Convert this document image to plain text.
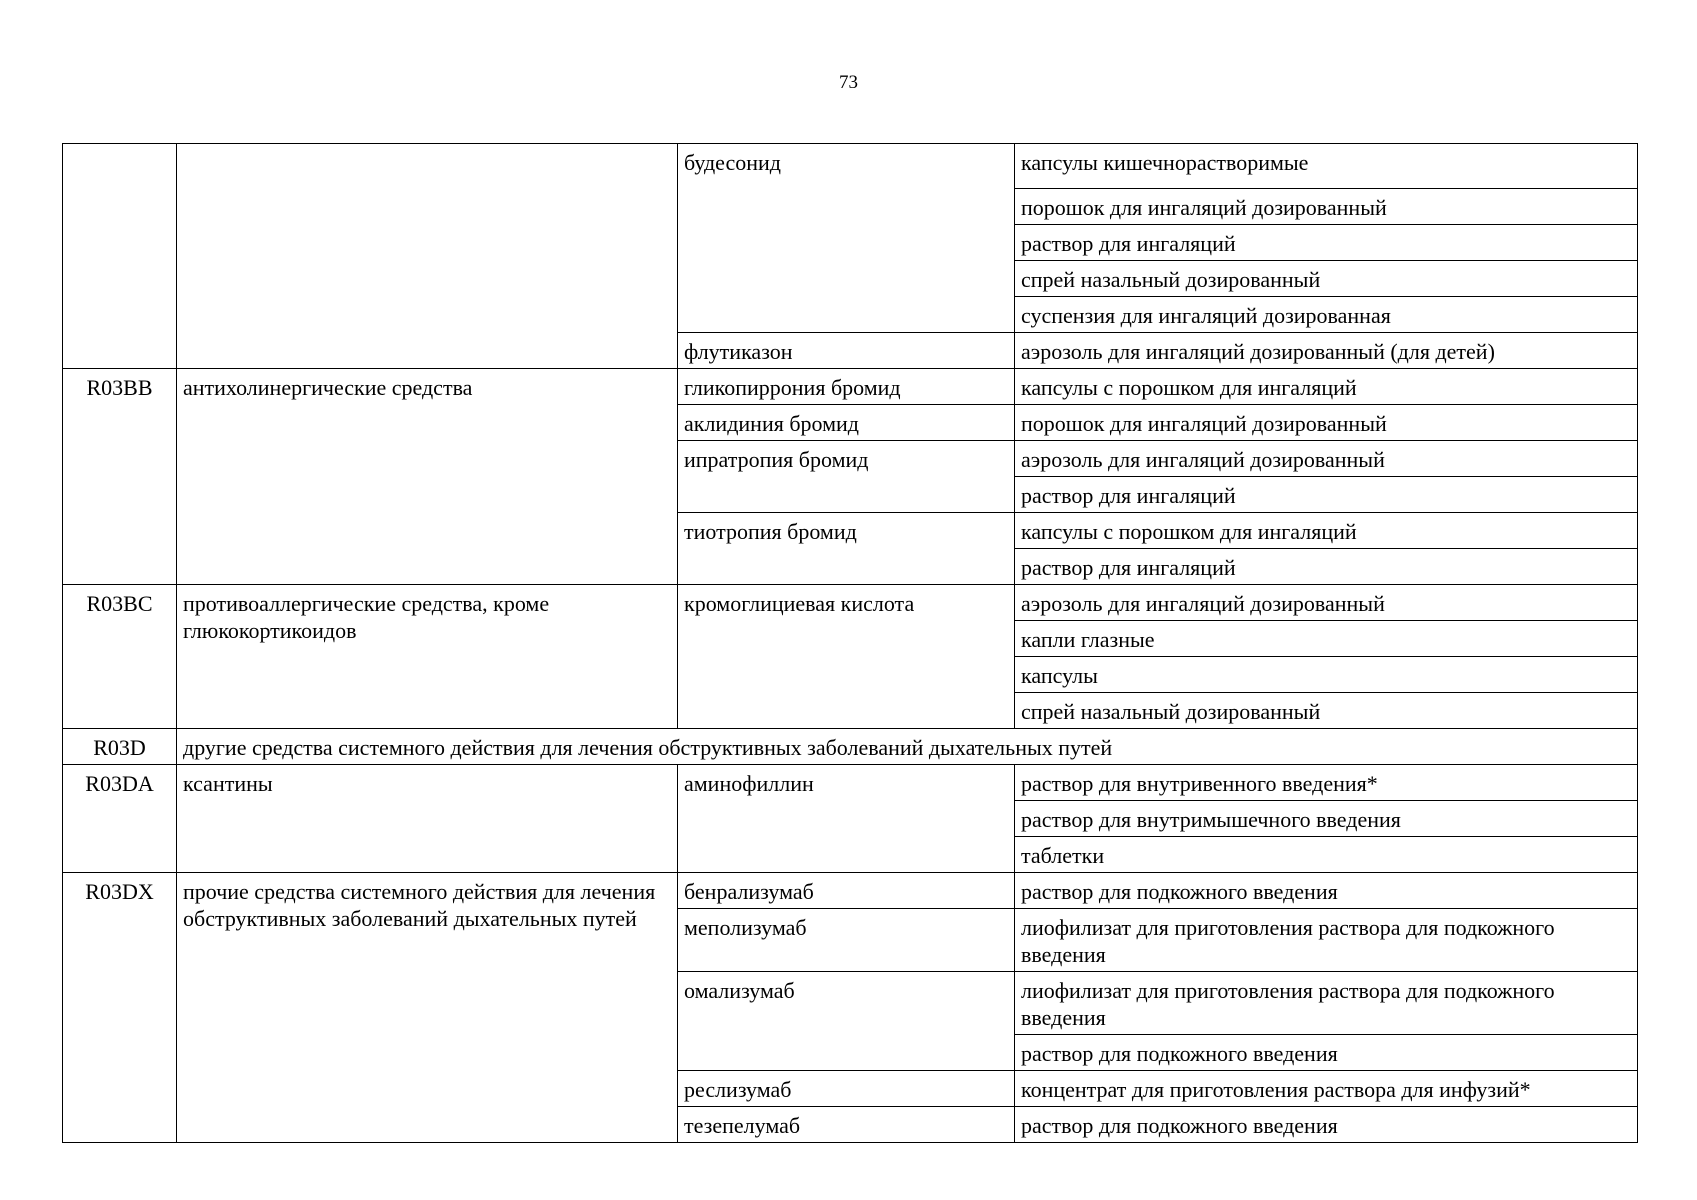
73
		будесонид	капсулы кишечнорастворимые
			порошок для ингаляций дозированный
			раствор для ингаляций
			спрей назальный дозированный
			суспензия для ингаляций дозированная
		флутиказон	аэрозоль для ингаляций дозированный (для детей)
R03BB	антихолинергические средства	гликопиррония бромид	капсулы с порошком для ингаляций
		аклидиния бромид	порошок для ингаляций дозированный
		ипратропия бромид	аэрозоль для ингаляций дозированный
			раствор для ингаляций
		тиотропия бромид	капсулы с порошком для ингаляций
			раствор для ингаляций
R03BC	противоаллергические средства, кроме глюкокортикоидов	кромоглициевая кислота	аэрозоль для ингаляций дозированный
			капли глазные
			капсулы
			спрей назальный дозированный
R03D	другие средства системного действия для лечения обструктивных заболеваний дыхательных путей		
R03DA	ксантины	аминофиллин	раствор для внутривенного введения*
			раствор для внутримышечного введения
			таблетки
R03DX	прочие средства системного действия для лечения обструктивных заболеваний дыхательных путей	бенрализумаб	раствор для подкожного введения
		меполизумаб	лиофилизат для приготовления раствора для подкожного введения
		омализумаб	лиофилизат для приготовления раствора для подкожного введения
			раствор для подкожного введения
		реслизумаб	концентрат для приготовления раствора для инфузий*
		тезепелумаб	раствор для подкожного введения
